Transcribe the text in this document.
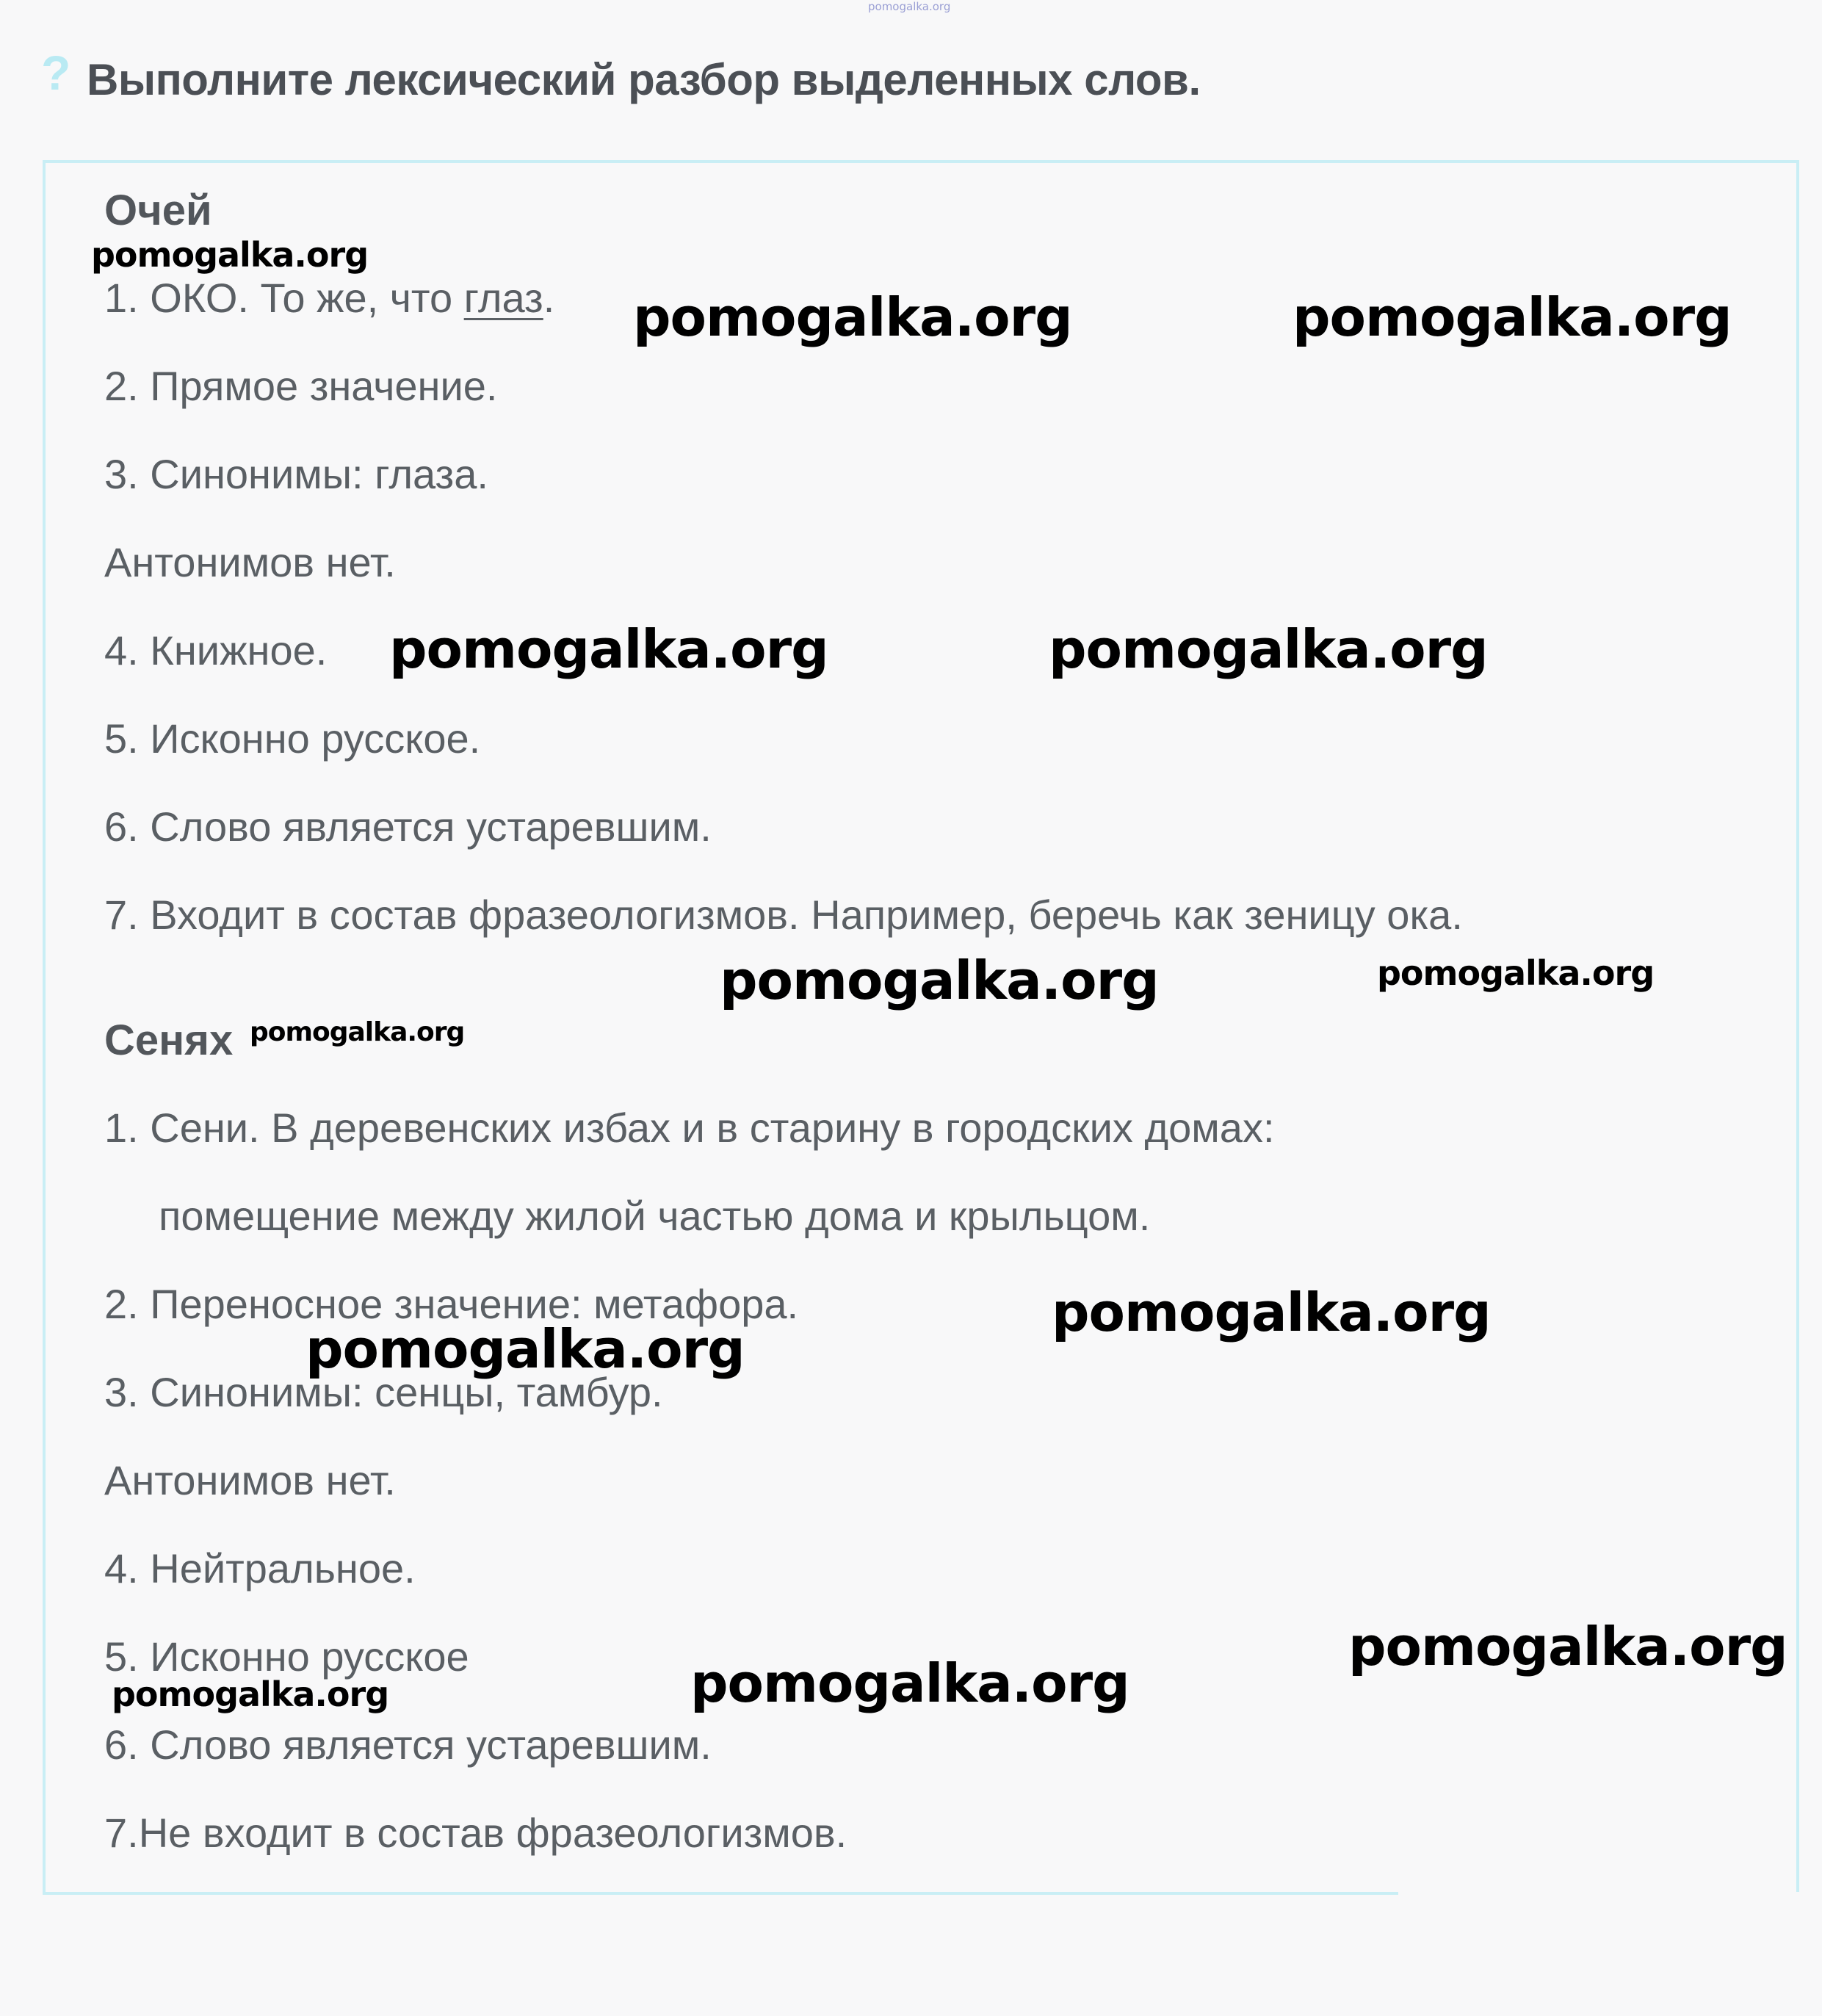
pomogalka.org
? Выполните лексический разбор выделенных слов.
Очей
1. ОКО. То же, что глаз.
2. Прямое значение.
3. Синонимы: глаза.
Антонимов нет.
4. Книжное.
5. Исконно русское.
6. Слово является устаревшим.
7. Входит в состав фразеологизмов. Например, беречь как зеницу ока.
Сенях
1. Сени. В деревенских избах и в старину в городских домах:
помещение между жилой частью дома и крыльцом.
2. Переносное значение: метафора.
3. Синонимы: сенцы, тамбур.
Антонимов нет.
4. Нейтральное.
5. Исконно русское
6. Слово является устаревшим.
7.Не входит в состав фразеологизмов.
pomogalka.org
pomogalka.org	pomogalka.org
pomogalka.org	pomogalka.org
pomogalka.org	pomogalka.org
pomogalka.org
pomogalka.org
pomogalka.org
pomogalka.org
pomogalka.org
pomogalka.org
